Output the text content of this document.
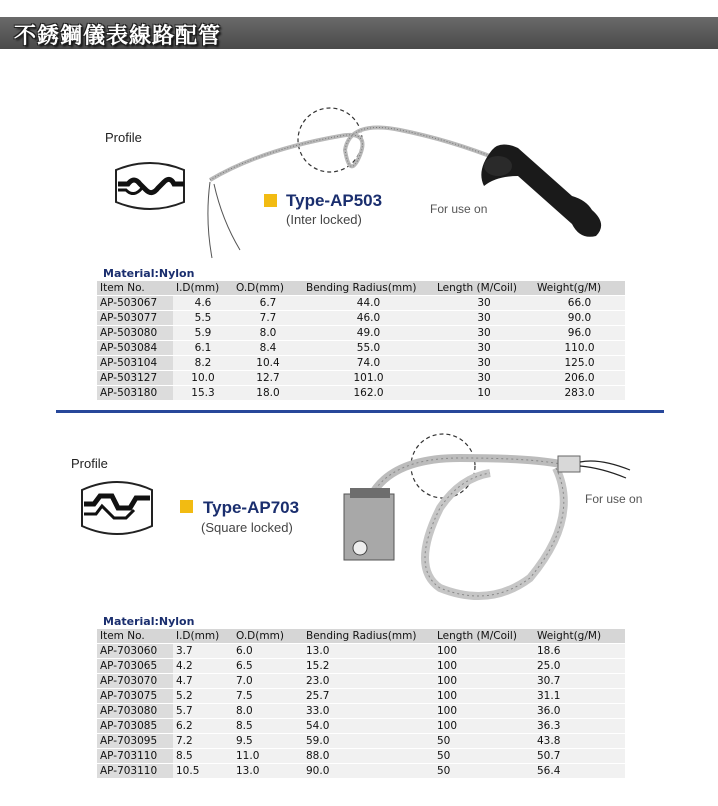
不銹鋼儀表線路配管
Profile
Type-AP503
(Inter locked)
For use on
Material:Nylon
Item No.	I.D(mm)	O.D(mm)	Bending Radius(mm)	Length (M/Coil)	Weight(g/M)
AP-503067	4.6	6.7	44.0	30	66.0
AP-503077	5.5	7.7	46.0	30	90.0
AP-503080	5.9	8.0	49.0	30	96.0
AP-503084	6.1	8.4	55.0	30	110.0
AP-503104	8.2	10.4	74.0	30	125.0
AP-503127	10.0	12.7	101.0	30	206.0
AP-503180	15.3	18.0	162.0	10	283.0
Profile
Type-AP703
(Square locked)
For use on
Material:Nylon
Item No.	I.D(mm)	O.D(mm)	Bending Radius(mm)	Length (M/Coil)	Weight(g/M)
AP-703060	3.7	6.0	13.0	100	18.6
AP-703065	4.2	6.5	15.2	100	25.0
AP-703070	4.7	7.0	23.0	100	30.7
AP-703075	5.2	7.5	25.7	100	31.1
AP-703080	5.7	8.0	33.0	100	36.0
AP-703085	6.2	8.5	54.0	100	36.3
AP-703095	7.2	9.5	59.0	50	43.8
AP-703110	8.5	11.0	88.0	50	50.7
AP-703110	10.5	13.0	90.0	50	56.4
